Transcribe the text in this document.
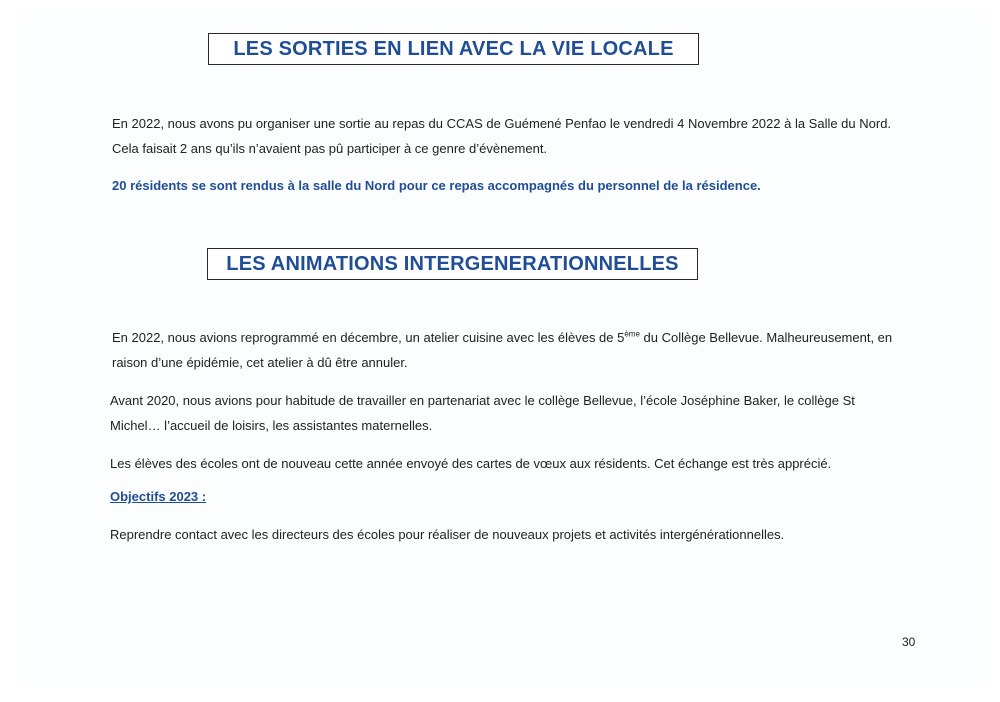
LES SORTIES EN LIEN AVEC LA VIE LOCALE
En 2022, nous avons pu organiser une sortie au repas du CCAS de Guémené Penfao le vendredi 4 Novembre 2022 à la Salle du Nord.
Cela faisait 2 ans qu’ils n’avaient pas pû participer à ce genre d’évènement.
20 résidents se sont rendus à la salle du Nord pour ce repas accompagnés du personnel de la résidence.
LES ANIMATIONS INTERGENERATIONNELLES
En 2022, nous avions reprogrammé en décembre, un atelier cuisine avec les élèves de 5ème du Collège Bellevue. Malheureusement, en
raison d’une épidémie, cet atelier à dû être annuler.
Avant 2020, nous avions pour habitude de travailler en partenariat avec le collège Bellevue, l’école Joséphine Baker, le collège St
Michel… l’accueil de loisirs, les assistantes maternelles.
Les élèves des écoles ont de nouveau cette année envoyé des cartes de vœux aux résidents. Cet échange est très apprécié.
Objectifs 2023 :
Reprendre contact avec les directeurs des écoles pour réaliser de nouveaux projets et activités intergénérationnelles.
30
